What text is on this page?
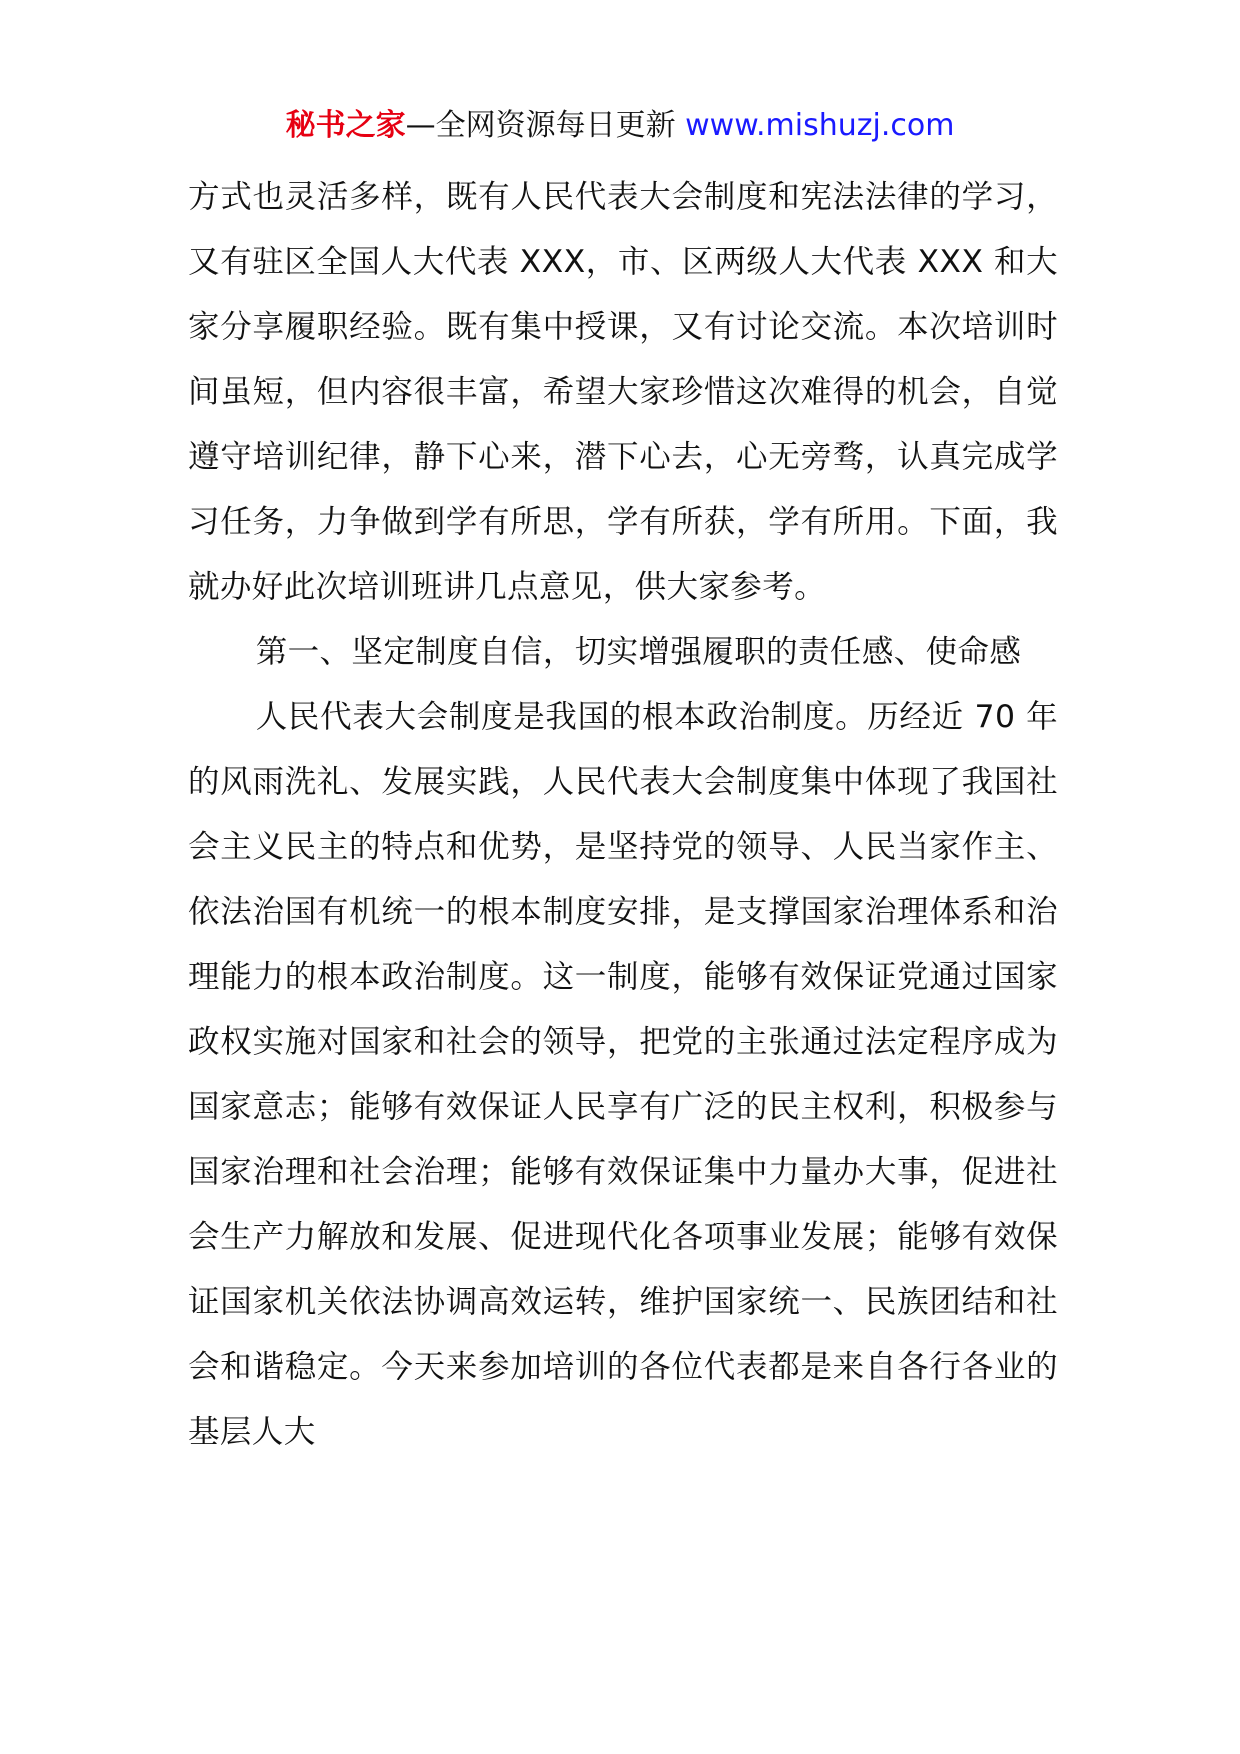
秘书之家—全网资源每日更新 www.mishuzj.com

方式也灵活多样，既有人民代表大会制度和宪法法律的学习，又有驻区全国人大代表 XXX，市、区两级人大代表 XXX 和大家分享履职经验。既有集中授课，又有讨论交流。本次培训时间虽短，但内容很丰富，希望大家珍惜这次难得的机会，自觉遵守培训纪律，静下心来，潜下心去，心无旁骛，认真完成学习任务，力争做到学有所思，学有所获，学有所用。下面，我就办好此次培训班讲几点意见，供大家参考。

第一、坚定制度自信，切实增强履职的责任感、使命感

人民代表大会制度是我国的根本政治制度。历经近 70 年的风雨洗礼、发展实践，人民代表大会制度集中体现了我国社会主义民主的特点和优势，是坚持党的领导、人民当家作主、依法治国有机统一的根本制度安排，是支撑国家治理体系和治理能力的根本政治制度。这一制度，能够有效保证党通过国家政权实施对国家和社会的领导，把党的主张通过法定程序成为国家意志；能够有效保证人民享有广泛的民主权利，积极参与国家治理和社会治理；能够有效保证集中力量办大事，促进社会生产力解放和发展、促进现代化各项事业发展；能够有效保证国家机关依法协调高效运转，维护国家统一、民族团结和社会和谐稳定。今天来参加培训的各位代表都是来自各行各业的基层人大
